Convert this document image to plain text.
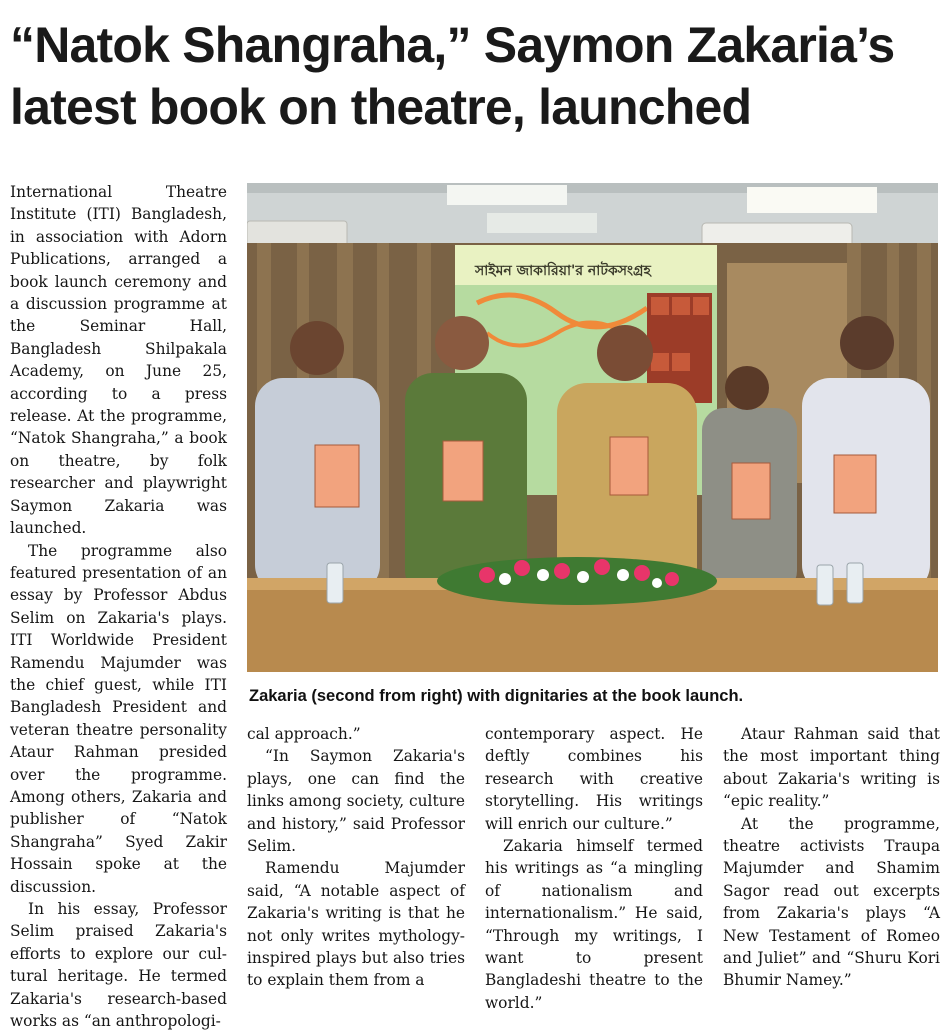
“Natok Shangraha,” Saymon Zakaria’s latest book on theatre, launched

International Theatre Institute (ITI) Bangladesh, in association with Adorn Publications, arranged a book launch ceremony and a discussion programme at the Seminar Hall, Bangladesh Shilpakala Academy, on June 25, according to a press release. At the programme, “Natok Shangraha,” a book on theatre, by folk researcher and playwright Saymon Zakaria was launched.

The programme also featured presentation of an essay by Professor Abdus Selim on Zakaria's plays. ITI Worldwide President Ramendu Majumder was the chief guest, while ITI Bangladesh President and veteran theatre personality Ataur Rahman presided over the programme. Among others, Zakaria and publisher of “Natok Shangraha” Syed Zakir Hossain spoke at the discussion.

In his essay, Professor Selim praised Zakaria's efforts to explore our cultural heritage. He termed Zakaria's research-based works as “an anthropologi-

সাইমন জাকারিয়া'র নাটকসংগ্রহ

Zakaria (second from right) with dignitaries at the book launch.

cal approach.”

“In Saymon Zakaria's plays, one can find the links among society, culture and history,” said Professor Selim.

Ramendu Majumder said, “A notable aspect of Zakaria's writing is that he not only writes mythology-inspired plays but also tries to explain them from a

contemporary aspect. He deftly combines his research with creative storytelling. His writings will enrich our culture.”

Zakaria himself termed his writings as “a mingling of nationalism and internationalism.” He said, “Through my writings, I want to present Bangladeshi theatre to the world.”

Ataur Rahman said that the most important thing about Zakaria's writing is “epic reality.”

At the programme, theatre activists Traupa Majumder and Shamim Sagor read out excerpts from Zakaria's plays “A New Testament of Romeo and Juliet” and “Shuru Kori Bhumir Namey.”
